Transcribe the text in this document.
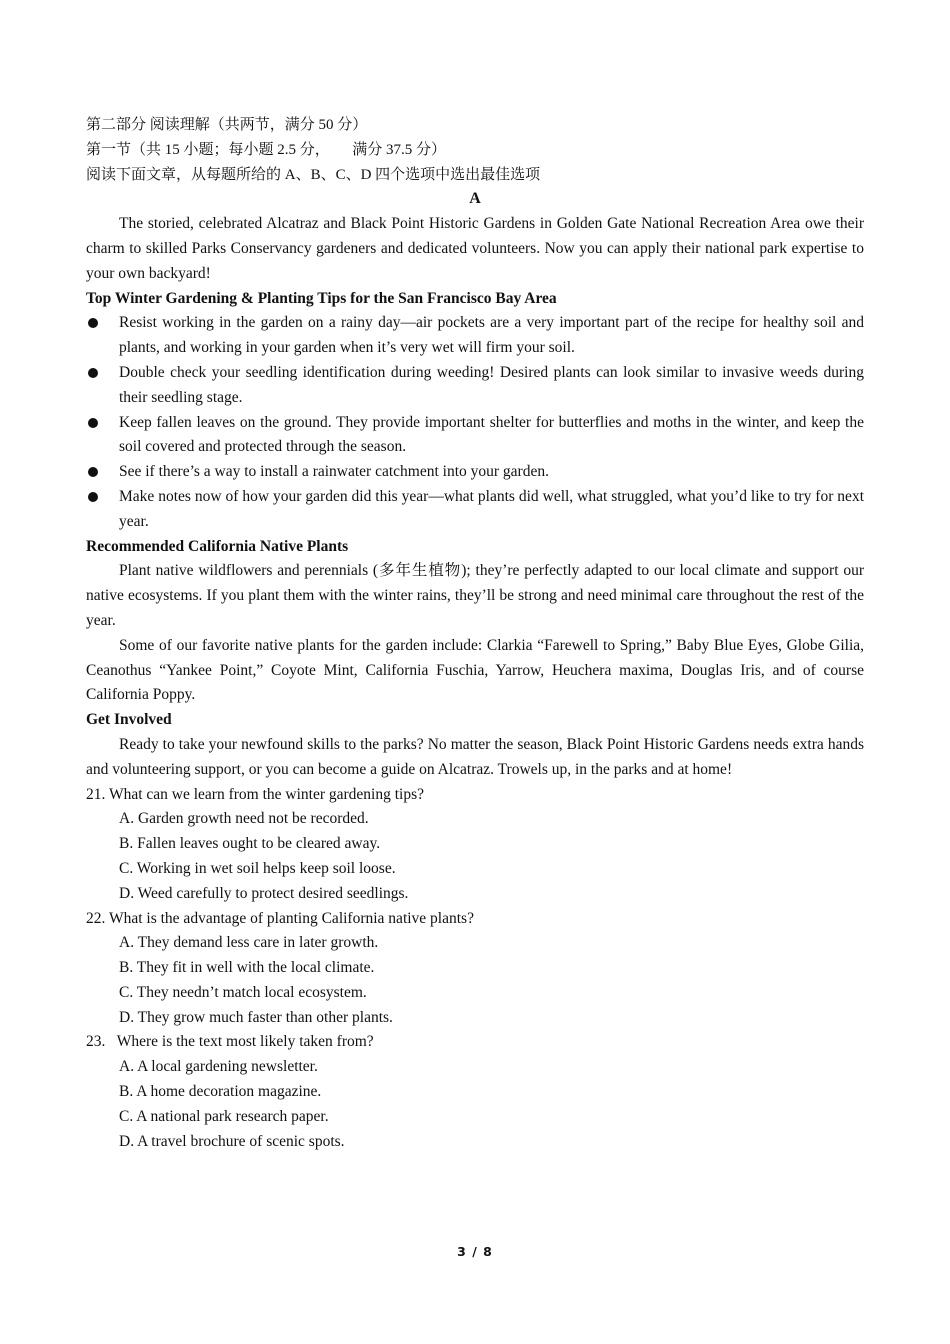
第二部分 阅读理解（共两节，满分 50 分）

第一节（共 15 小题；每小题 2.5 分，      满分 37.5 分）

阅读下面文章，从每题所给的 A、B、C、D 四个选项中选出最佳选项

A

The storied, celebrated Alcatraz and Black Point Historic Gardens in Golden Gate National Recreation Area owe their charm to skilled Parks Conservancy gardeners and dedicated volunteers. Now you can apply their national park expertise to your own backyard!

Top Winter Gardening & Planting Tips for the San Francisco Bay Area

Resist working in the garden on a rainy day—air pockets are a very important part of the recipe for healthy soil and plants, and working in your garden when it’s very wet will firm your soil.
Double check your seedling identification during weeding! Desired plants can look similar to invasive weeds during their seedling stage.
Keep fallen leaves on the ground. They provide important shelter for butterflies and moths in the winter, and keep the soil covered and protected through the season.
See if there’s a way to install a rainwater catchment into your garden.
Make notes now of how your garden did this year—what plants did well, what struggled, what you’d like to try for next year.

Recommended California Native Plants

Plant native wildflowers and perennials (多年生植物); they’re perfectly adapted to our local climate and support our native ecosystems. If you plant them with the winter rains, they’ll be strong and need minimal care throughout the rest of the year.

Some of our favorite native plants for the garden include: Clarkia “Farewell to Spring,” Baby Blue Eyes, Globe Gilia, Ceanothus “Yankee Point,” Coyote Mint, California Fuschia, Yarrow, Heuchera maxima, Douglas Iris, and of course California Poppy.

Get Involved

Ready to take your newfound skills to the parks? No matter the season, Black Point Historic Gardens needs extra hands and volunteering support, or you can become a guide on Alcatraz. Trowels up, in the parks and at home!

21. What can we learn from the winter gardening tips?

A. Garden growth need not be recorded.

B. Fallen leaves ought to be cleared away.

C. Working in wet soil helps keep soil loose.

D. Weed carefully to protect desired seedlings.

22. What is the advantage of planting California native plants?

A. They demand less care in later growth.

B. They fit in well with the local climate.

C. They needn’t match local ecosystem.

D. They grow much faster than other plants.

23.   Where is the text most likely taken from?

A. A local gardening newsletter.

B. A home decoration magazine.

C. A national park research paper.

D. A travel brochure of scenic spots.

3 / 8
